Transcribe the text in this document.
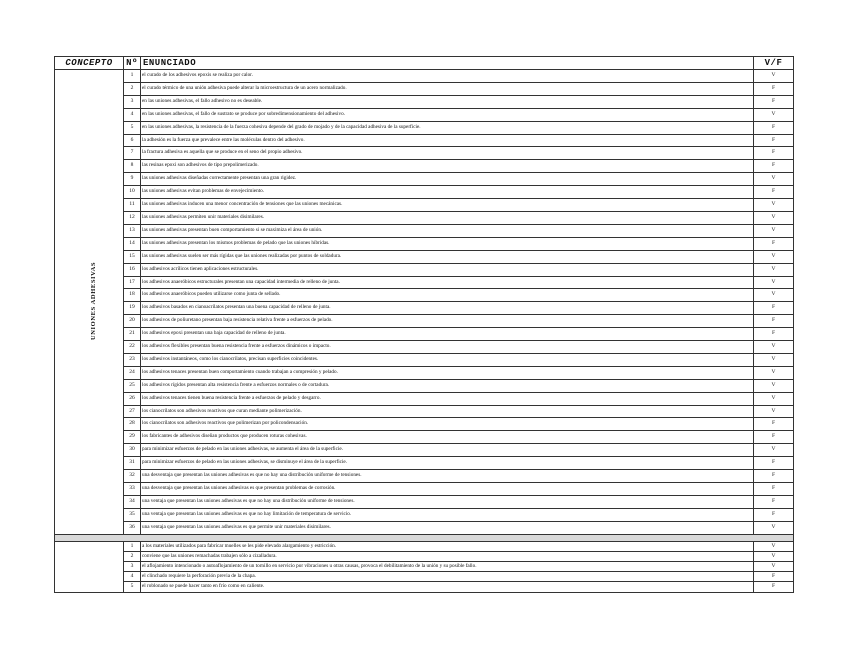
CONCEPTO	Nº	ENUNCIADO	V/F
UNIONES ADHESIVAS	1	el curado de los adhesivos epoxis se realiza por calor.	V
	2	el curado térmico de una unión adhesiva puede alterar la microestructura de un acero normalizado.	F
	3	en las uniones adhesivas, el fallo adhesivo no es deseable.	F
	4	en las uniones adhesivas, el fallo de sustrato se produce por sobredimensionamiento del adhesivo.	V
	5	en las uniones adhesivas, la resistencia de la fuerza cohesiva depende del grado de mojado y de la capacidad adhesiva de la superficie.	F
	6	la adhesión es la fuerza que prevalece entre las moléculas dentro del adhesivo.	F
	7	la fractura adhesiva es aquella que se produce en el seno del propio adhesivo.	F
	8	las resinas epoxi son adhesivos de tipo prepolimerizado.	F
	9	las uniones adhesivas diseñadas correctamente presentan una gran rigidez.	V
	10	las uniones adhesivas evitan problemas de envejecimiento.	F
	11	las uniones adhesivas inducen una menor concentración de tensiones que las uniones mecánicas.	V
	12	las uniones adhesivas permiten unir materiales disimilares.	V
	13	las uniones adhesivas presentan buen comportamiento si se maximiza el área de unión.	V
	14	las uniones adhesivas presentan los mismos problemas de pelado que las uniones híbridas.	F
	15	las uniones adhesivas suelen ser más rígidas que las uniones realizadas por puntos de soldadura.	V
	16	los adhesivos acrílicos tienen aplicaciones estructurales.	V
	17	los adhesivos anaeróbicos estructurales presentan una capacidad intermedia de relleno de junta.	V
	18	los adhesivos anaeróbicos pueden utilizarse como junta de sellado.	V
	19	los adhesivos basados en cianoacrilatos presentan una buena capacidad de relleno de junta.	F
	20	los adhesivos de poliuretano presentan baja resistencia relativa frente a esfuerzos de pelado.	F
	21	los adhesivos epoxi presentan una baja capacidad de relleno de junta.	F
	22	los adhesivos flexibles presentan buena resistencia frente a esfuerzos dinámicos o impacto.	V
	23	los adhesivos instantáneos, como los cianocrilatos, precisan superficies coincidentes.	V
	24	los adhesivos tenaces presentan buen comportamiento cuando trabajan a compresión y pelado.	V
	25	los adhesivos rígidos presentan alta resistencia frente a esfuerzos normales o de cortadura.	V
	26	los adhesivos tenaces tienen buena resistencia frente a esfuerzos de pelado y desgarro.	V
	27	los cianocrilatos son adhesivos reactivos que curan mediante polimerización.	V
	28	los cianocrilatos son adhesivos reactivos que polimerizan por policondensación.	F
	29	los fabricantes de adhesivos diseñan productos que producen roturas cohesivas.	F
	30	para minimizar esfuerzos de pelado en las uniones adhesivas, se aumenta el área de la superficie.	V
	31	para minimizar esfuerzos de pelado en las uniones adhesivas, se disminuye el área de la superficie.	F
	32	una desventaja que presentan las uniones adhesivas es que no hay una distribución uniforme de tensiones.	F
	33	una desventaja que presentan las uniones adhesivas es que presentan problemas de corrosión.	F
	34	una ventaja que presentan las uniones adhesivas es que no hay una distribución uniforme de tensiones.	F
	35	una ventaja que presentan las uniones adhesivas es que no hay limitación de temperatura de servicio.	F
	36	una ventaja que presentan las uniones adhesivas es que permite unir materiales disimilares.	V

	1	a los materiales utilizados para fabricar muelles se les pide elevado alargamiento y estricción.	V
	2	conviene que las uniones remachadas trabajen sólo a cizalladura.	V
	3	el aflojamiento intencionado o autoaflojamiento de un tornillo en servicio por vibraciones u otras causas, provoca el debilitamiento de la unión y su posible fallo.	V
	4	el clinchado requiere la perforación previa de la chapa.	F
	5	el roblonado se puede hacer tanto en frío como en caliente.	F
